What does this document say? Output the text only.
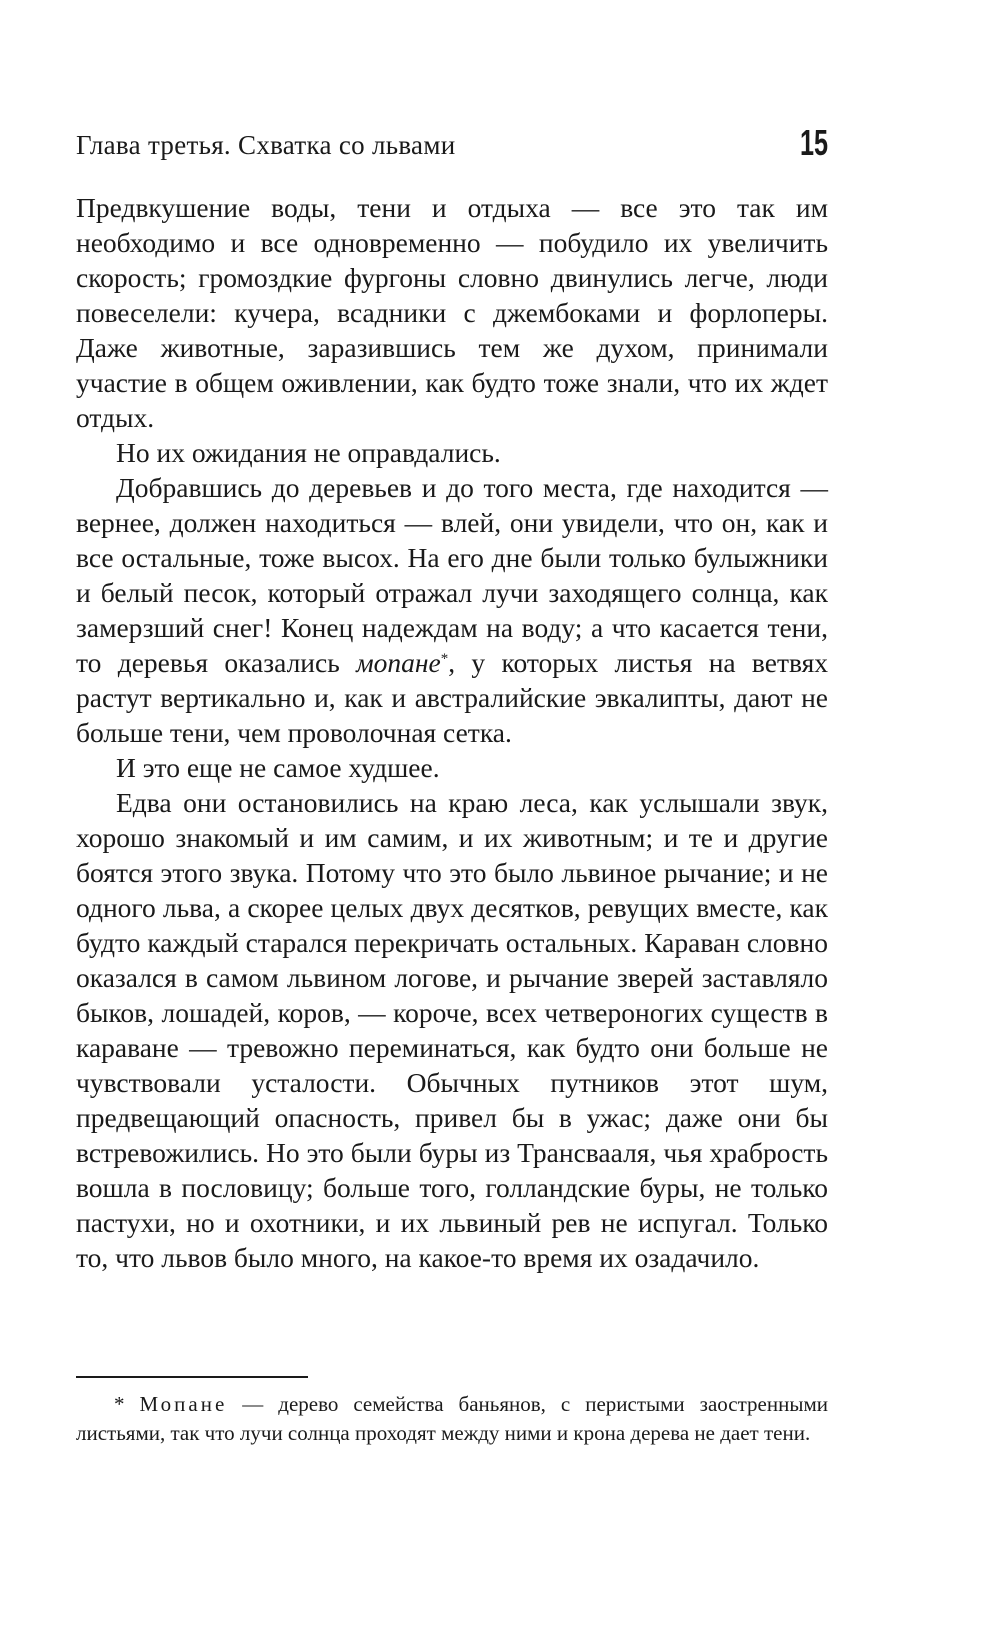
Глава третья. Схватка со львами	15

Предвкушение воды, тени и отдыха — все это так им необходимо и все одновременно — побудило их увеличить скорость; громоздкие фургоны словно двинулись легче, люди повеселели: кучера, всадники с джембоками и форлоперы. Даже животные, заразившись тем же духом, принимали участие в общем оживлении, как будто тоже знали, что их ждет отдых.

Но их ожидания не оправдались.

Добравшись до деревьев и до того места, где находится — вернее, должен находиться — влей, они увидели, что он, как и все остальные, тоже высох. На его дне были только булыжники и белый песок, который отражал лучи заходящего солнца, как замерзший снег! Конец надеждам на воду; а что касается тени, то деревья оказались мопане*, у которых листья на ветвях растут вертикально и, как и австралийские эвкалипты, дают не больше тени, чем проволочная сетка.

И это еще не самое худшее.

Едва они остановились на краю леса, как услышали звук, хорошо знакомый и им самим, и их животным; и те и другие боятся этого звука. Потому что это было львиное рычание; и не одного льва, а скорее целых двух десятков, ревущих вместе, как будто каждый старался перекричать остальных. Караван словно оказался в самом львином логове, и рычание зверей заставляло быков, лошадей, коров, — короче, всех четвероногих существ в караване — тревожно переминаться, как будто они больше не чувствовали усталости. Обычных путников этот шум, предвещающий опасность, привел бы в ужас; даже они бы встревожились. Но это были буры из Трансвааля, чья храбрость вошла в пословицу; больше того, голландские буры, не только пастухи, но и охотники, и их львиный рев не испугал. Только то, что львов было много, на какое-то время их озадачило.

* Мопане — дерево семейства баньянов, с перистыми заостренными листьями, так что лучи солнца проходят между ними и крона дерева не дает тени.
